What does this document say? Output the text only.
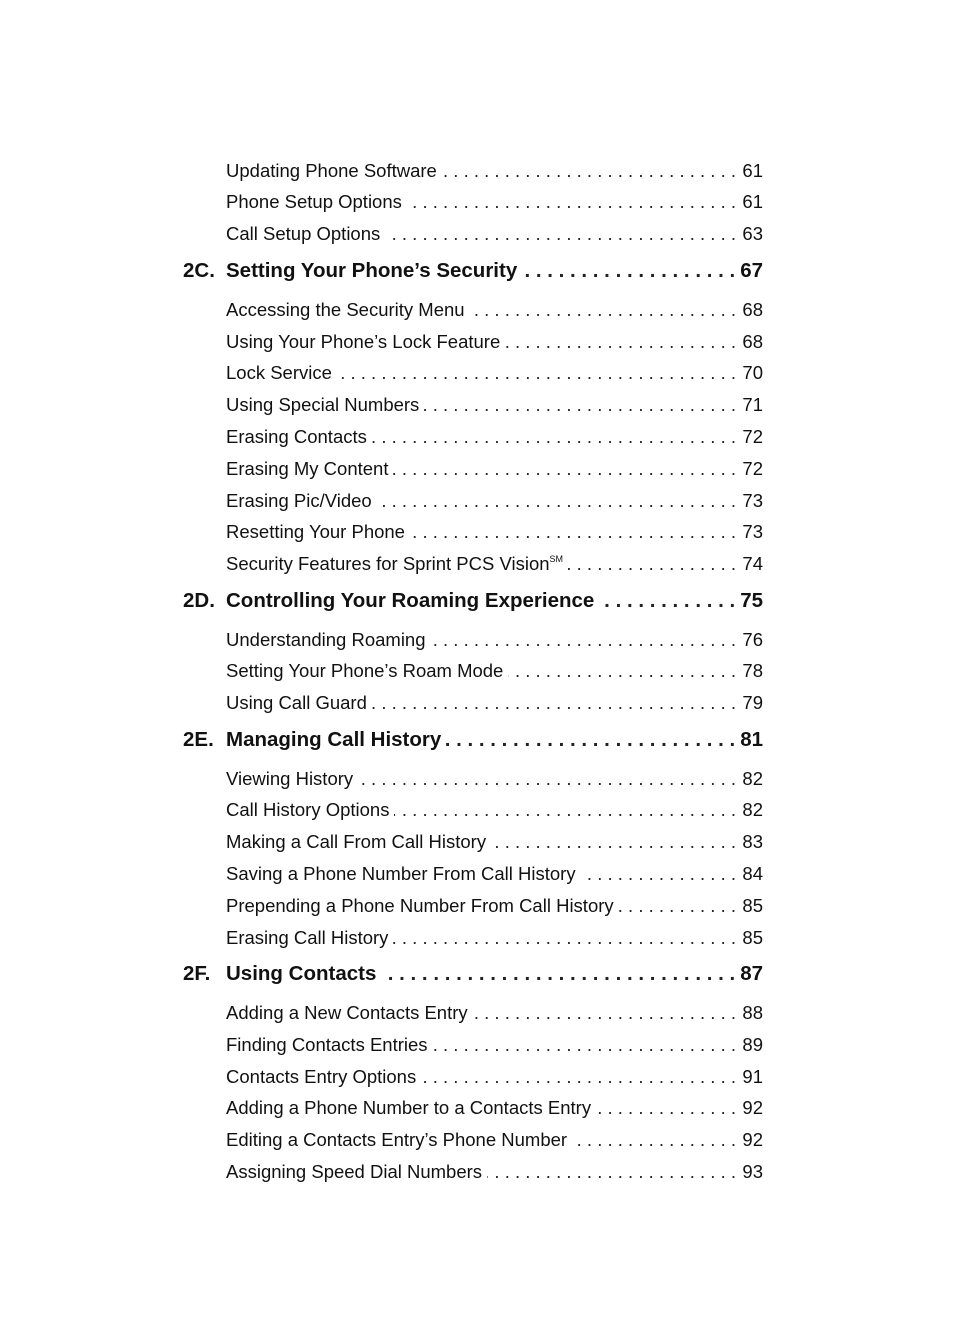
Updating Phone Software . . .	61
Phone Setup Options . . .	61
Call Setup Options . . .	63
2C. Setting Your Phone’s Security . . .	67
Accessing the Security Menu . . .	68
Using Your Phone’s Lock Feature . . .	68
Lock Service . . .	70
Using Special Numbers . . .	71
Erasing Contacts . . .	72
Erasing My Content . . .	72
Erasing Pic/Video . . .	73
Resetting Your Phone . . .	73
Security Features for Sprint PCS Vision℠ . . .	74
2D. Controlling Your Roaming Experience . . .	75
Understanding Roaming . . .	76
Setting Your Phone’s Roam Mode . . .	78
Using Call Guard . . .	79
2E. Managing Call History . . .	81
Viewing History . . .	82
Call History Options . . .	82
Making a Call From Call History . . .	83
Saving a Phone Number From Call History . . .	84
Prepending a Phone Number From Call History . . .	85
Erasing Call History . . .	85
2F. Using Contacts . . .	87
Adding a New Contacts Entry . . .	88
Finding Contacts Entries . . .	89
Contacts Entry Options . . .	91
Adding a Phone Number to a Contacts Entry . . .	92
Editing a Contacts Entry’s Phone Number . . .	92
Assigning Speed Dial Numbers . . .	93
